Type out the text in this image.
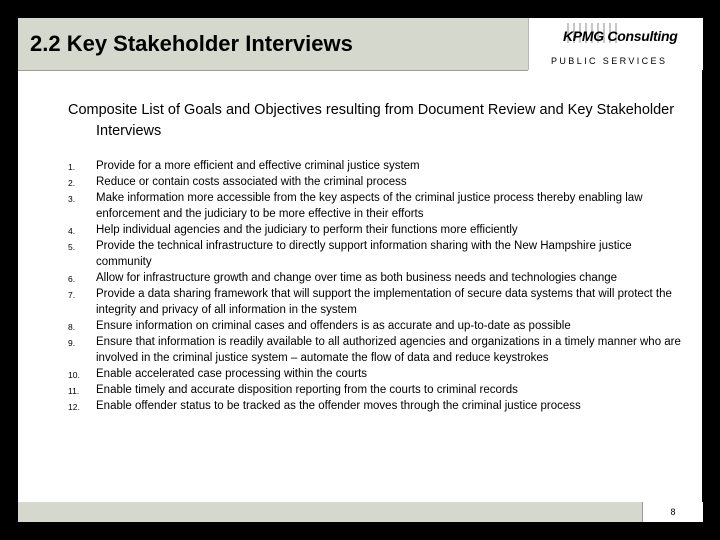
2.2 Key Stakeholder Interviews	KPMG Consulting
PUBLIC SERVICES
Composite List of Goals and Objectives resulting from Document Review and Key Stakeholder Interviews
1. Provide for a more efficient and effective criminal justice system
2. Reduce or contain costs associated with the criminal process
3. Make information more accessible from the key aspects of the criminal justice process thereby enabling law enforcement and the judiciary to be more effective in their efforts
4. Help individual agencies and the judiciary to perform their functions more efficiently
5. Provide the technical infrastructure to directly support information sharing with the New Hampshire justice community
6. Allow for infrastructure growth and change over time as both business needs and technologies change
7. Provide a data sharing framework that will support the implementation of secure data systems that will protect the integrity and privacy of all information in the system
8. Ensure information on criminal cases and offenders is as accurate and up-to-date as possible
9. Ensure that information is readily available to all authorized agencies and organizations in a timely manner who are involved in the criminal justice system – automate the flow of data and reduce keystrokes
10. Enable accelerated case processing within the courts
11. Enable timely and accurate disposition reporting from the courts to criminal records
12. Enable offender status to be tracked as the offender moves through the criminal justice process
8
